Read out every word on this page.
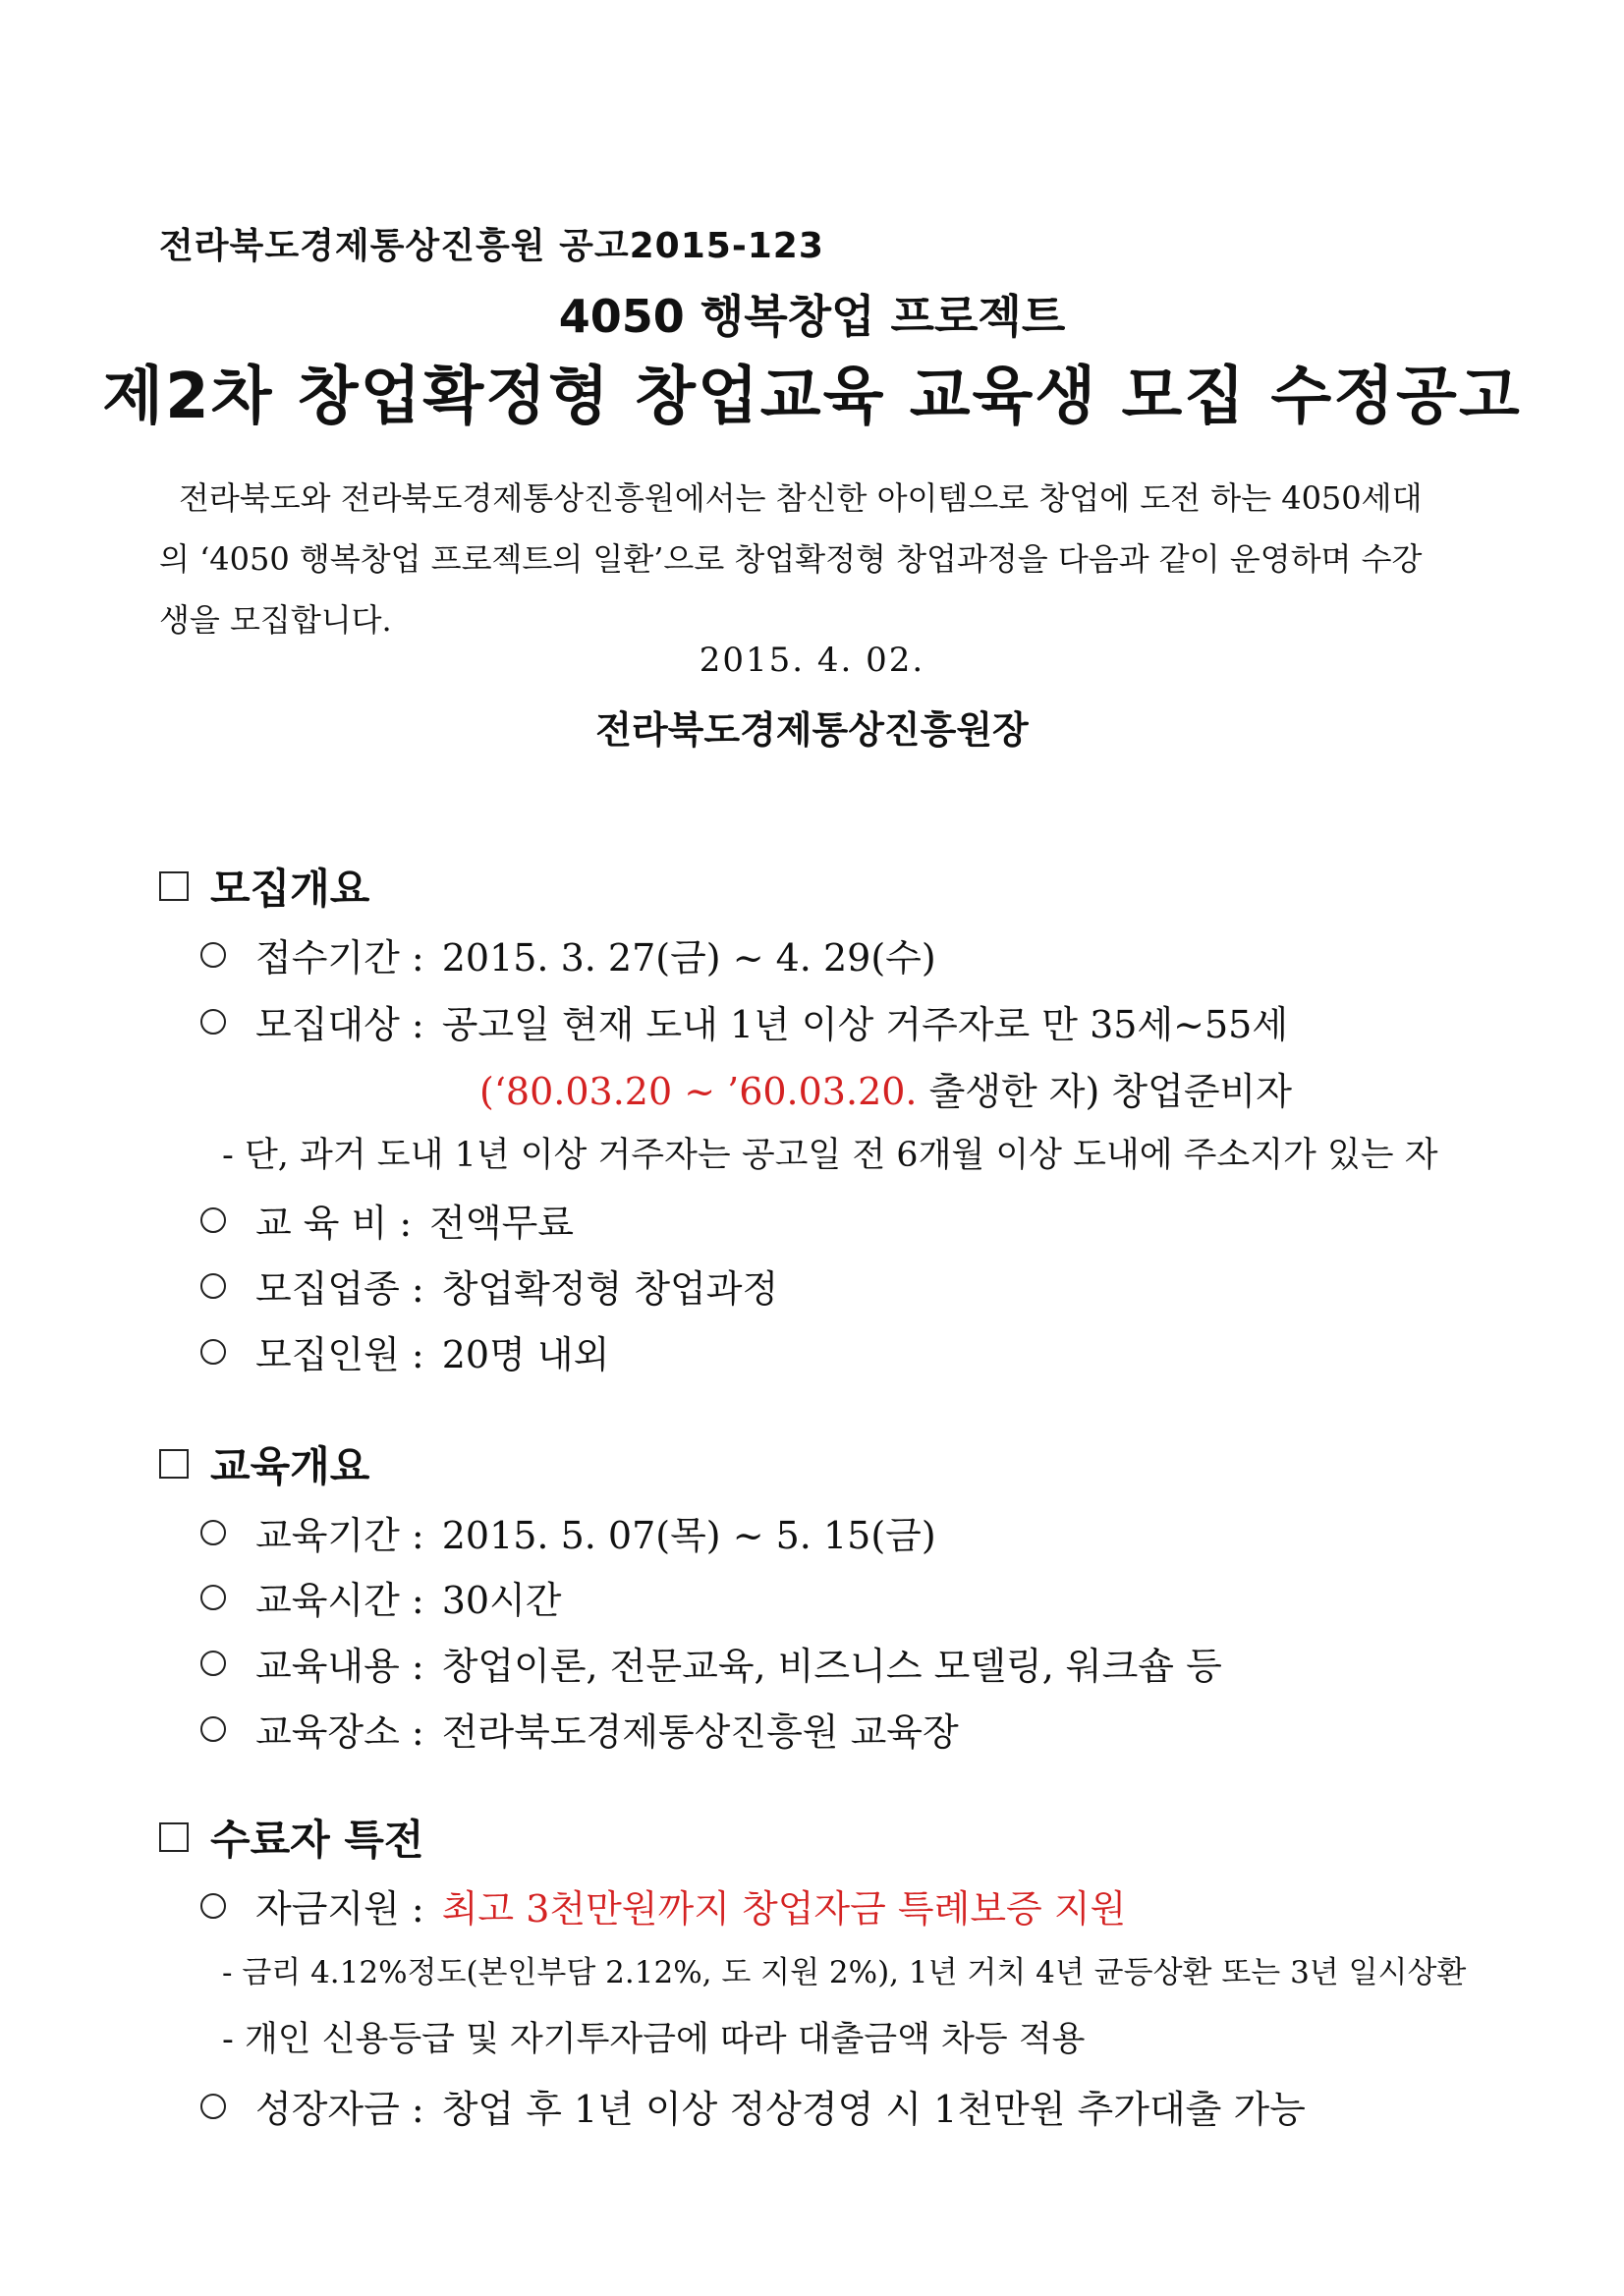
전라북도경제통상진흥원 공고2015-123
4050 행복창업 프로젝트
제2차 창업확정형 창업교육 교육생 모집 수정공고
전라북도와 전라북도경제통상진흥원에서는 참신한 아이템으로 창업에 도전 하는 4050세대
의 ‘4050 행복창업 프로젝트의 일환’으로 창업확정형 창업과정을 다음과 같이 운영하며 수강
생을 모집합니다.
2015. 4. 02.
전라북도경제통상진흥원장
모집개요
접수기간 : 2015. 3. 27(금) ~ 4. 29(수)
모집대상 : 공고일 현재 도내 1년 이상 거주자로 만 35세~55세
(‘80.03.20 ~ ’60.03.20. 출생한 자) 창업준비자
- 단, 과거 도내 1년 이상 거주자는 공고일 전 6개월 이상 도내에 주소지가 있는 자
교 육 비 : 전액무료
모집업종 : 창업확정형 창업과정
모집인원 : 20명 내외
교육개요
교육기간 : 2015. 5. 07(목) ~ 5. 15(금)
교육시간 : 30시간
교육내용 : 창업이론, 전문교육, 비즈니스 모델링, 워크숍 등
교육장소 : 전라북도경제통상진흥원 교육장
수료자 특전
자금지원 : 최고 3천만원까지 창업자금 특례보증 지원
- 금리 4.12%정도(본인부담 2.12%, 도 지원 2%), 1년 거치 4년 균등상환 또는 3년 일시상환
- 개인 신용등급 및 자기투자금에 따라 대출금액 차등 적용
성장자금 : 창업 후 1년 이상 정상경영 시 1천만원 추가대출 가능
